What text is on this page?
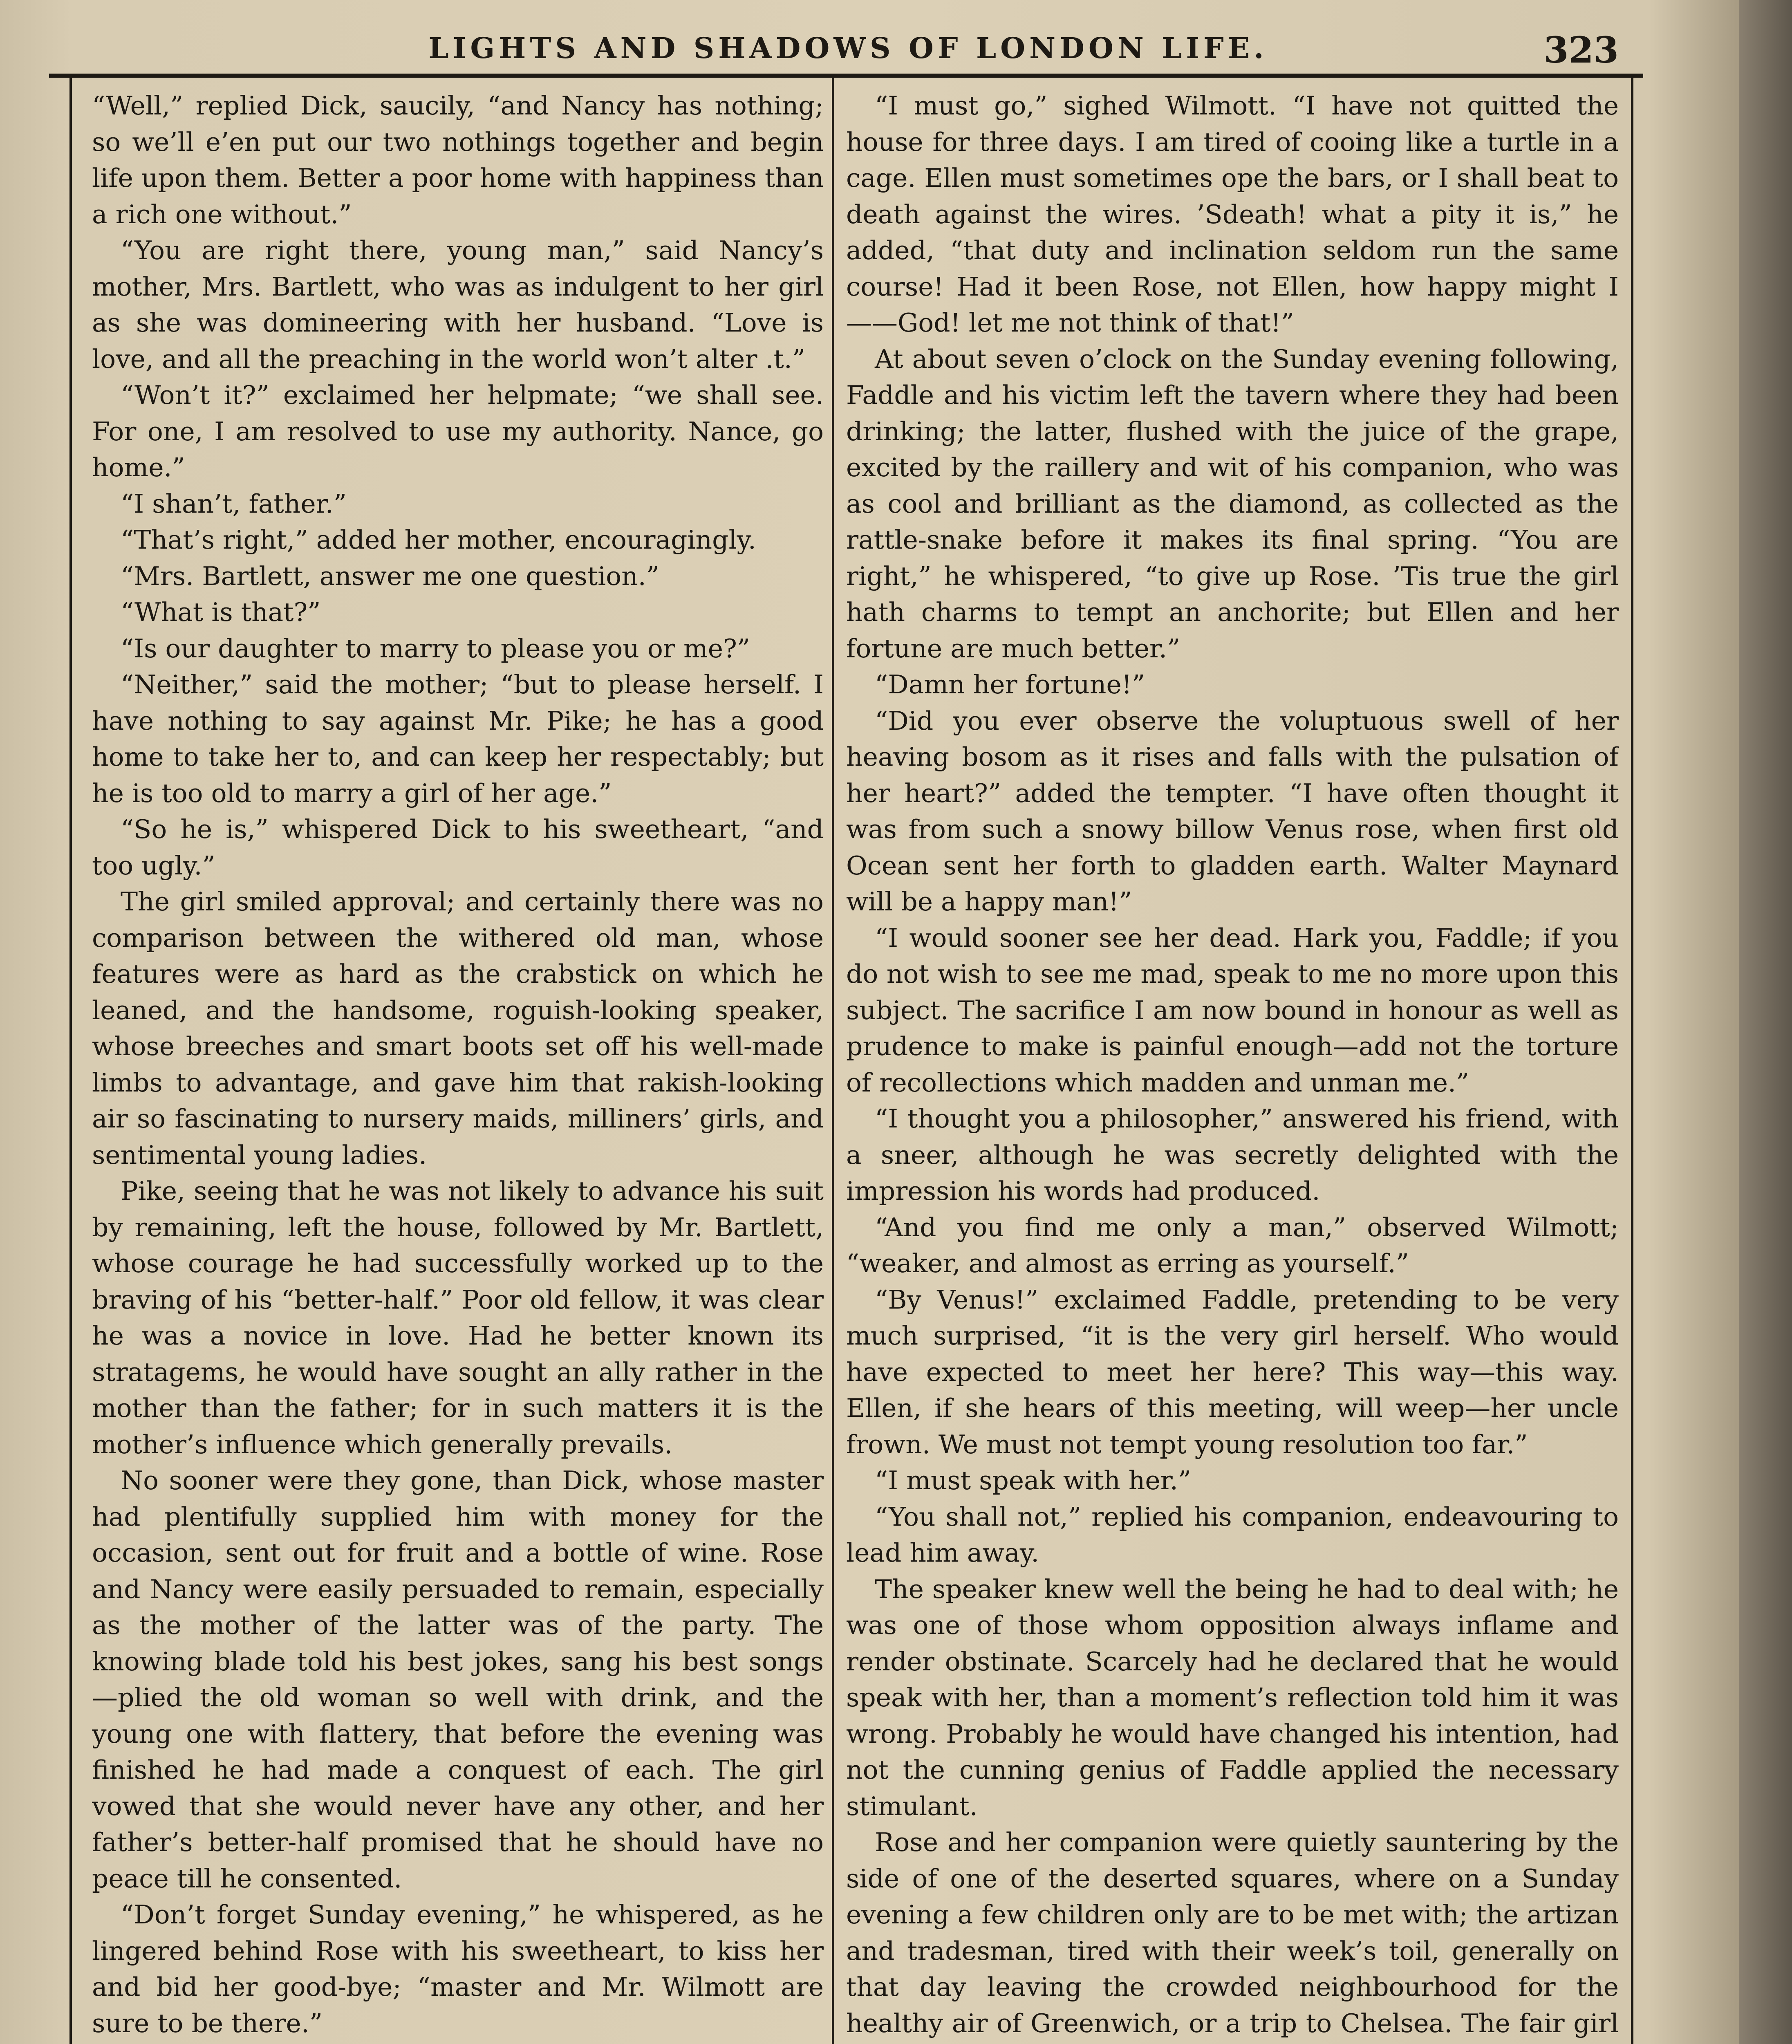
LIGHTS AND SHADOWS OF LONDON LIFE.	323

“Well,” replied Dick, saucily, “and Nancy has nothing; so we’ll e’en put our two nothings together and begin life upon them. Better a poor home with happiness than a rich one without.”

“You are right there, young man,” said Nancy’s mother, Mrs. Bartlett, who was as indulgent to her girl as she was domineering with her husband. “Love is love, and all the preaching in the world won’t alter .t.”

“Won’t it?” exclaimed her helpmate; “we shall see. For one, I am resolved to use my authority. Nance, go home.”

“I shan’t, father.”

“That’s right,” added her mother, encouragingly.

“Mrs. Bartlett, answer me one question.”

“What is that?”

“Is our daughter to marry to please you or me?”

“Neither,” said the mother; “but to please herself. I have nothing to say against Mr. Pike; he has a good home to take her to, and can keep her respectably; but he is too old to marry a girl of her age.”

“So he is,” whispered Dick to his sweetheart, “and too ugly.”

The girl smiled approval; and certainly there was no comparison between the withered old man, whose features were as hard as the crabstick on which he leaned, and the handsome, roguish-looking speaker, whose breeches and smart boots set off his well-made limbs to advantage, and gave him that rakish-looking air so fascinating to nursery maids, milliners’ girls, and sentimental young ladies.

Pike, seeing that he was not likely to advance his suit by remaining, left the house, followed by Mr. Bartlett, whose courage he had successfully worked up to the braving of his “better-half.” Poor old fellow, it was clear he was a novice in love. Had he better known its stratagems, he would have sought an ally rather in the mother than the father; for in such matters it is the mother’s influence which generally prevails.

No sooner were they gone, than Dick, whose master had plentifully supplied him with money for the occasion, sent out for fruit and a bottle of wine. Rose and Nancy were easily persuaded to remain, especially as the mother of the latter was of the party. The knowing blade told his best jokes, sang his best songs—plied the old woman so well with drink, and the young one with flattery, that before the evening was finished he had made a conquest of each. The girl vowed that she would never have any other, and her father’s better-half promised that he should have no peace till he consented.

“Don’t forget Sunday evening,” he whispered, as he lingered behind Rose with his sweetheart, to kiss her and bid her good-bye; “master and Mr. Wilmott are sure to be there.”

“I must go,” sighed Wilmott. “I have not quitted the house for three days. I am tired of cooing like a turtle in a cage. Ellen must sometimes ope the bars, or I shall beat to death against the wires. ’Sdeath! what a pity it is,” he added, “that duty and inclination seldom run the same course! Had it been Rose, not Ellen, how happy might I——God! let me not think of that!”

At about seven o’clock on the Sunday evening following, Faddle and his victim left the tavern where they had been drinking; the latter, flushed with the juice of the grape, excited by the raillery and wit of his companion, who was as cool and brilliant as the diamond, as collected as the rattle-snake before it makes its final spring. “You are right,” he whispered, “to give up Rose. ’Tis true the girl hath charms to tempt an anchorite; but Ellen and her fortune are much better.”

“Damn her fortune!”

“Did you ever observe the voluptuous swell of her heaving bosom as it rises and falls with the pulsation of her heart?” added the tempter. “I have often thought it was from such a snowy billow Venus rose, when first old Ocean sent her forth to gladden earth. Walter Maynard will be a happy man!”

“I would sooner see her dead. Hark you, Faddle; if you do not wish to see me mad, speak to me no more upon this subject. The sacrifice I am now bound in honour as well as prudence to make is painful enough—add not the torture of recollections which madden and unman me.”

“I thought you a philosopher,” answered his friend, with a sneer, although he was secretly delighted with the impression his words had produced.

“And you find me only a man,” observed Wilmott; “weaker, and almost as erring as yourself.”

“By Venus!” exclaimed Faddle, pretending to be very much surprised, “it is the very girl herself. Who would have expected to meet her here? This way—this way. Ellen, if she hears of this meeting, will weep—her uncle frown. We must not tempt young resolution too far.”

“I must speak with her.”

“You shall not,” replied his companion, endeavouring to lead him away.

The speaker knew well the being he had to deal with; he was one of those whom opposition always inflame and render obstinate. Scarcely had he declared that he would speak with her, than a moment’s reflection told him it was wrong. Probably he would have changed his intention, had not the cunning genius of Faddle applied the necessary stimulant.

Rose and her companion were quietly sauntering by the side of one of the deserted squares, where on a Sunday evening a few children only are to be met with; the artizan and tradesman, tired with their week’s toil, generally on that day leaving the crowded neighbourhood for the healthy air of Greenwich, or a trip to Chelsea. The fair girl
